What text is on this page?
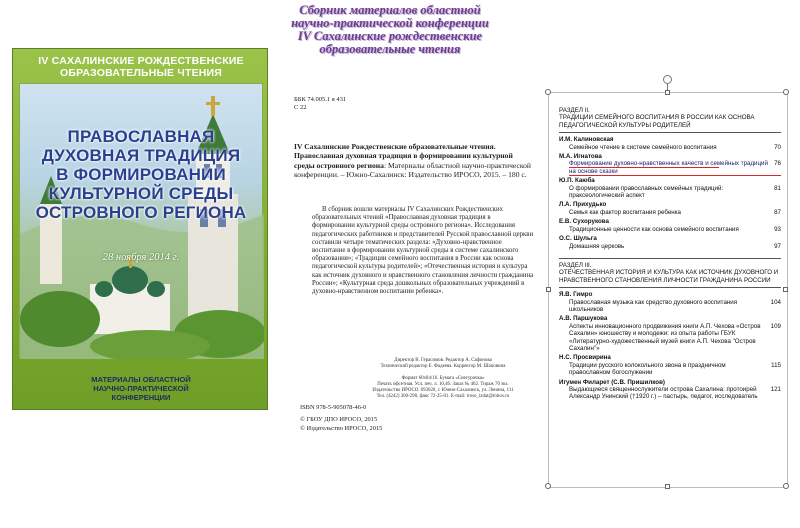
Сборник материалов областной
научно-практической конференции
IV Сахалинские рождественские
образовательные чтения
IV САХАЛИНСКИЕ РОЖДЕСТВЕНСКИЕ
ОБРАЗОВАТЕЛЬНЫЕ ЧТЕНИЯ
ПРАВОСЛАВНАЯ
ДУХОВНАЯ ТРАДИЦИЯ
В ФОРМИРОВАНИИ
КУЛЬТУРНОЙ СРЕДЫ
ОСТРОВНОГО РЕГИОНА
28 ноября 2014 г.
МАТЕРИАЛЫ ОБЛАСТНОЙ
НАУЧНО-ПРАКТИЧЕСКОЙ
КОНФЕРЕНЦИИ
ББК 74.005.1 я 431
С 22
IV Сахалинские Рождественские образовательные чтения. Православная духовная традиция в формировании культурной среды островного региона: Материалы областной научно-практической конференции. – Южно-Сахалинск: Издательство ИРОСО, 2015. – 180 с.
В сборник вошли материалы IV Сахалинских Рождественских образовательных чтений «Православная духовная традиция в формировании культурной среды островного региона». Исследования педагогических работников и представителей Русской православной церкви составили четыре тематических раздела: «Духовно-нравственное воспитание в формировании культурной среды в системе сахалинского образования»; «Традиции семейного воспитания в России как основа педагогической культуры родителей»; «Отечественная история и культура как источник духовного и нравственного становления личности гражданина России»; «Культурная среда дошкольных образовательных учреждений в духовно-нравственном воспитании ребенка».
Директор В. Герасимов. Редактор А. Сафонова
Технический редактор Е. Фадеева. Корректор М. Шаповина
Формат 60х84/16. Бумага «Снегурочка»
Печать офсетная. Усл. печ. л. 10,46. Заказ № 462. Тираж 70 экз.
Издательство ИРОСО. 693020, г. Южно-Сахалинск, ул. Ленина, 111
Тел. (4242) 300-298, факс 72-25-01. E-mail: iroso_izdat@inbox.ru
ISBN 978-5-905078-46-0
© ГБОУ ДПО ИРОСО, 2015
© Издательство ИРОСО, 2015
РАЗДЕЛ II.
ТРАДИЦИИ СЕМЕЙНОГО ВОСПИТАНИЯ В РОССИИ КАК ОСНОВА ПЕДАГОГИЧЕСКОЙ КУЛЬТУРЫ РОДИТЕЛЕЙ
И.М. Калиновская
Семейное чтение в системе семейного воспитания	70
М.А. Игнатова
Формирование духовно-нравственных качеств и семейных традиций на основе сказки
76
Ю.П. Каюба
О формировании православных семейных традиций: праксеологический аспект
81
Л.А. Прихудько
Семья как фактор воспитания ребенка	87
Е.В. Сухорукова
Традиционные ценности как основа семейного воспитания	93
О.С. Шульга
Домашняя церковь	97
РАЗДЕЛ III.
ОТЕЧЕСТВЕННАЯ ИСТОРИЯ И КУЛЬТУРА КАК ИСТОЧНИК ДУХОВНОГО И НРАВСТВЕННОГО СТАНОВЛЕНИЯ ЛИЧНОСТИ ГРАЖДАНИНА РОССИИ
Я.В. Гимро
Православная музыка как средство духовного воспитания школьников
104
А.В. Паршукова
Аспекты инновационного продвижения книги А.П. Чехова «Остров Сахалин» юношеству и молодежи: из опыта работы ГБУК «Литературно-художественный музей книги А.П. Чехова "Остров Сахалин"»
109
Н.С. Просвирина
Традиции русского колокольного звона в праздничном православном богослужении
115
Игумен Филарет (С.В. Пришилков)
Выдающиеся священнослужители острова Сахалина: протоирей Александр Унинский (†1920 г.) – пастырь, педагог, исследователь
121
